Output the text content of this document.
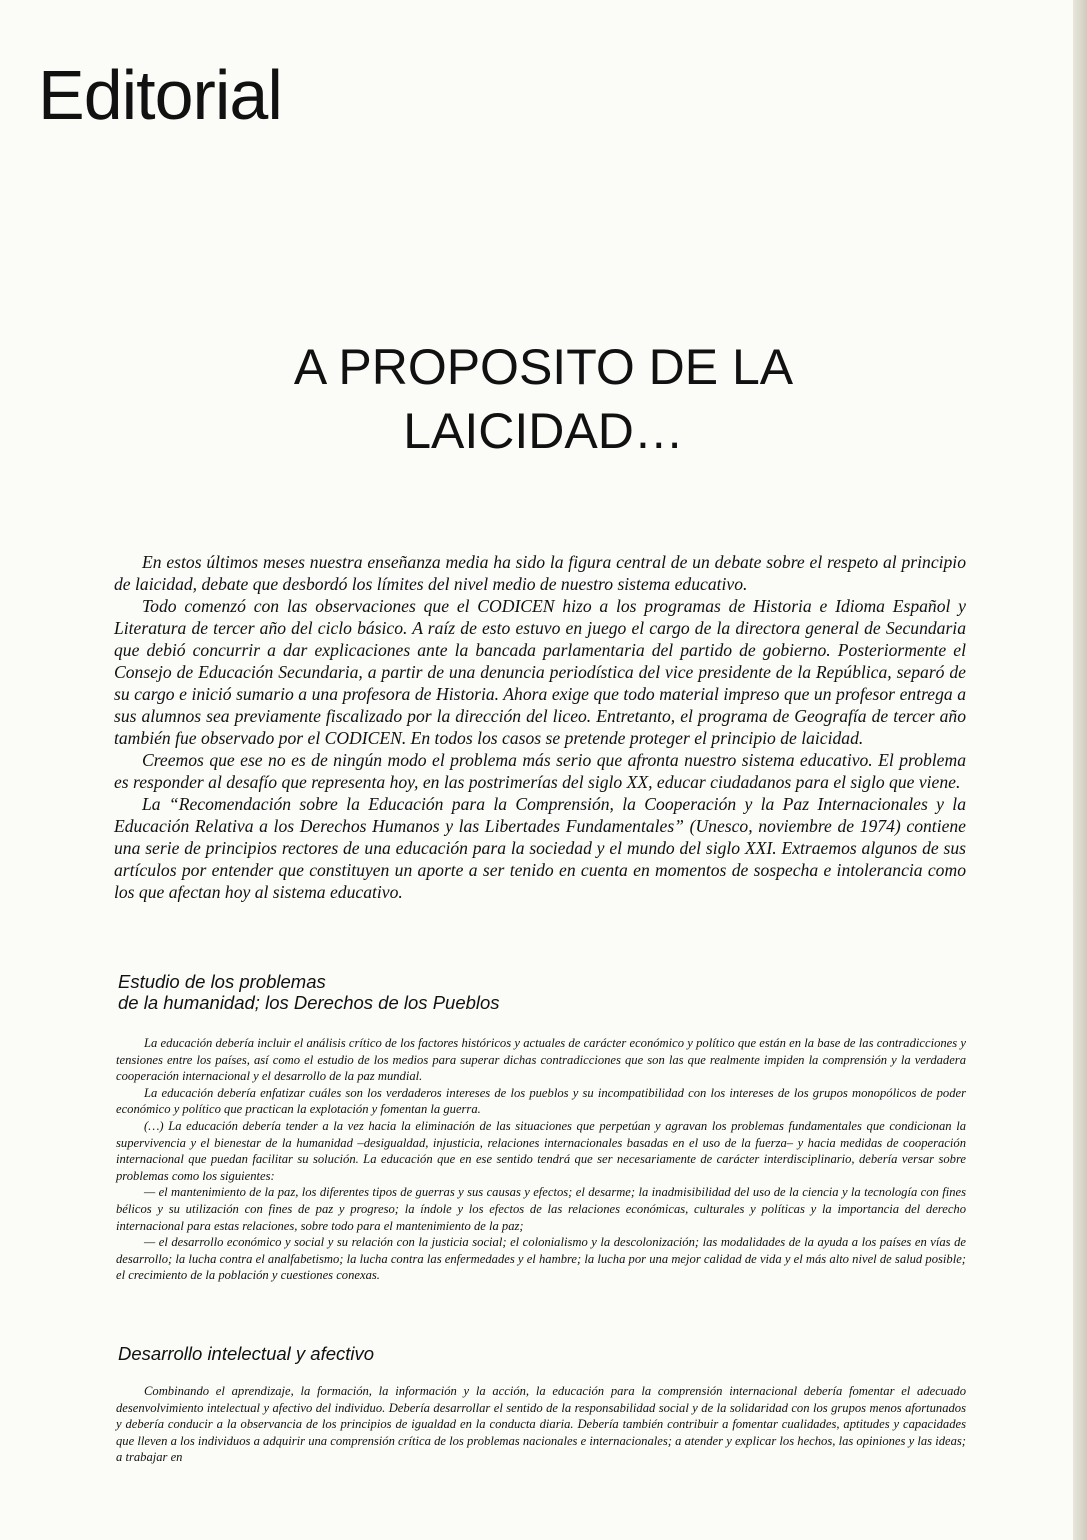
Editorial
A PROPOSITO DE LA
LAICIDAD…

En estos últimos meses nuestra enseñanza media ha sido la figura central de un debate sobre el respeto al principio de laicidad, debate que desbordó los límites del nivel medio de nuestro sistema educativo.

Todo comenzó con las observaciones que el CODICEN hizo a los programas de Historia e Idioma Español y Literatura de tercer año del ciclo básico. A raíz de esto estuvo en juego el cargo de la directora general de Secundaria que debió concurrir a dar explicaciones ante la bancada parlamentaria del partido de gobierno. Posteriormente el Consejo de Educación Secundaria, a partir de una denuncia periodística del vice presidente de la República, separó de su cargo e inició sumario a una profesora de Historia. Ahora exige que todo material impreso que un profesor entrega a sus alumnos sea previamente fiscalizado por la dirección del liceo. Entretanto, el programa de Geografía de tercer año también fue observado por el CODICEN. En todos los casos se pretende proteger el principio de laicidad.

Creemos que ese no es de ningún modo el problema más serio que afronta nuestro sistema educativo. El problema es responder al desafío que representa hoy, en las postrimerías del siglo XX, educar ciudadanos para el siglo que viene.

La “Recomendación sobre la Educación para la Comprensión, la Cooperación y la Paz Internacionales y la Educación Relativa a los Derechos Humanos y las Libertades Fundamentales” (Unesco, noviembre de 1974) contiene una serie de principios rectores de una educación para la sociedad y el mundo del siglo XXI. Extraemos algunos de sus artículos por entender que constituyen un aporte a ser tenido en cuenta en momentos de sospecha e intolerancia como los que afectan hoy al sistema educativo.

Estudio de los problemas
de la humanidad; los Derechos de los Pueblos

La educación debería incluir el análisis crítico de los factores históricos y actuales de carácter económico y político que están en la base de las contradicciones y tensiones entre los países, así como el estudio de los medios para superar dichas contradicciones que son las que realmente impiden la comprensión y la verdadera cooperación internacional y el desarrollo de la paz mundial.

La educación debería enfatizar cuáles son los verdaderos intereses de los pueblos y su incompatibilidad con los intereses de los grupos monopólicos de poder económico y político que practican la explotación y fomentan la guerra.

(…) La educación debería tender a la vez hacia la eliminación de las situaciones que perpetúan y agravan los problemas fundamentales que condicionan la supervivencia y el bienestar de la humanidad –desigualdad, injusticia, relaciones internacionales basadas en el uso de la fuerza– y hacia medidas de cooperación internacional que puedan facilitar su solución. La educación que en ese sentido tendrá que ser necesariamente de carácter interdisciplinario, debería versar sobre problemas como los siguientes:

— el mantenimiento de la paz, los diferentes tipos de guerras y sus causas y efectos; el desarme; la inadmisibilidad del uso de la ciencia y la tecnología con fines bélicos y su utilización con fines de paz y progreso; la índole y los efectos de las relaciones económicas, culturales y políticas y la importancia del derecho internacional para estas relaciones, sobre todo para el mantenimiento de la paz;

— el desarrollo económico y social y su relación con la justicia social; el colonialismo y la descolonización; las modalidades de la ayuda a los países en vías de desarrollo; la lucha contra el analfabetismo; la lucha contra las enfermedades y el hambre; la lucha por una mejor calidad de vida y el más alto nivel de salud posible; el crecimiento de la población y cuestiones conexas.

Desarrollo intelectual y afectivo

Combinando el aprendizaje, la formación, la información y la acción, la educación para la comprensión internacional debería fomentar el adecuado desenvolvimiento intelectual y afectivo del individuo. Debería desarrollar el sentido de la responsabilidad social y de la solidaridad con los grupos menos afortunados y debería conducir a la observancia de los principios de igualdad en la conducta diaria. Debería también contribuir a fomentar cualidades, aptitudes y capacidades que lleven a los individuos a adquirir una comprensión crítica de los problemas nacionales e internacionales; a atender y explicar los hechos, las opiniones y las ideas; a trabajar en
